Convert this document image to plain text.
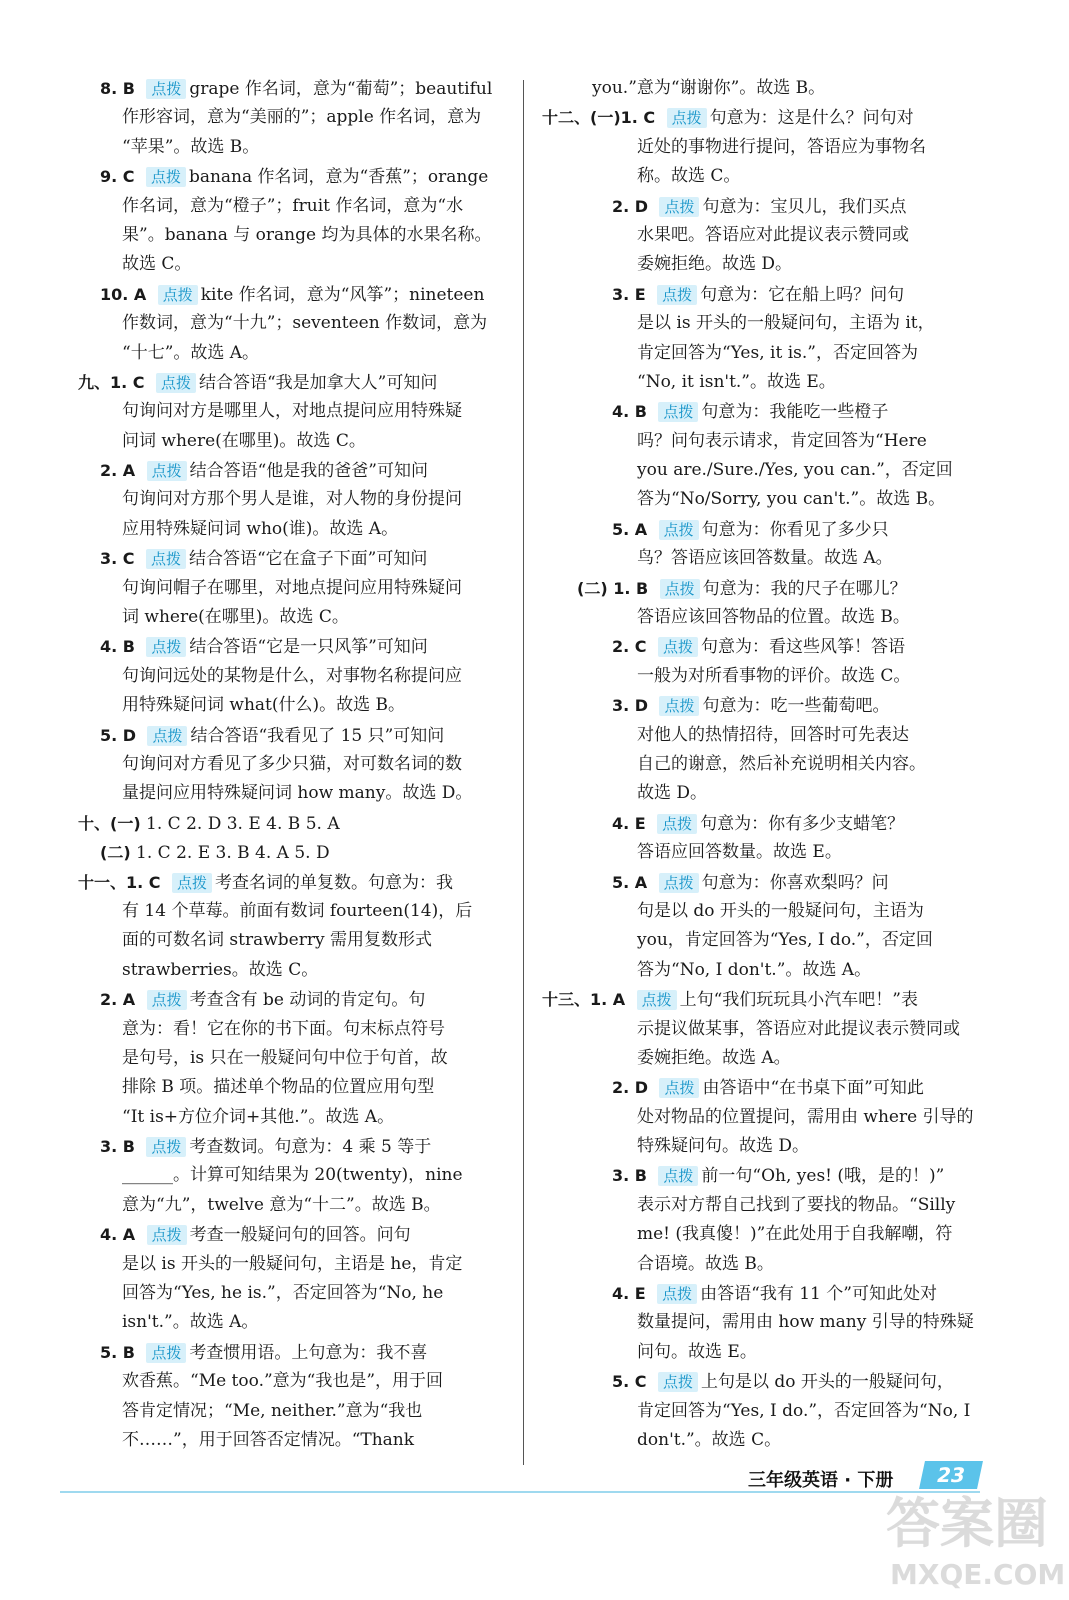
8. B 点拨 grape 作名词，意为“葡萄”；beautiful
作形容词，意为“美丽的”；apple 作名词，意为
“苹果”。故选 B。
9. C 点拨 banana 作名词，意为“香蕉”；orange
作名词，意为“橙子”；fruit 作名词，意为“水
果”。banana 与 orange 均为具体的水果名称。
故选 C。
10. A 点拨 kite 作名词，意为“风筝”；nineteen
作数词，意为“十九”；seventeen 作数词，意为
“十七”。故选 A。
九、1. C 点拨 结合答语“我是加拿大人”可知问
句询问对方是哪里人，对地点提问应用特殊疑
问词 where(在哪里)。故选 C。
2. A 点拨 结合答语“他是我的爸爸”可知问
句询问对方那个男人是谁，对人物的身份提问
应用特殊疑问词 who(谁)。故选 A。
3. C 点拨 结合答语“它在盒子下面”可知问
句询问帽子在哪里，对地点提问应用特殊疑问
词 where(在哪里)。故选 C。
4. B 点拨 结合答语“它是一只风筝”可知问
句询问远处的某物是什么，对事物名称提问应
用特殊疑问词 what(什么)。故选 B。
5. D 点拨 结合答语“我看见了 15 只”可知问
句询问对方看见了多少只猫，对可数名词的数
量提问应用特殊疑问词 how many。故选 D。
十、(一) 1. C 2. D 3. E 4. B 5. A
(二) 1. C 2. E 3. B 4. A 5. D
十一、1. C 点拨 考查名词的单复数。句意为：我
有 14 个草莓。前面有数词 fourteen(14)，后
面的可数名词 strawberry 需用复数形式
strawberries。故选 C。
2. A 点拨 考查含有 be 动词的肯定句。句
意为：看！它在你的书下面。句末标点符号
是句号，is 只在一般疑问句中位于句首，故
排除 B 项。描述单个物品的位置应用句型
“It is+方位介词+其他.”。故选 A。
3. B 点拨 考查数词。句意为：4 乘 5 等于
______。计算可知结果为 20(twenty)，nine
意为“九”，twelve 意为“十二”。故选 B。
4. A 点拨 考查一般疑问句的回答。问句
是以 is 开头的一般疑问句，主语是 he，肯定
回答为“Yes, he is.”，否定回答为“No, he
isn't.”。故选 A。
5. B 点拨 考查惯用语。上句意为：我不喜
欢香蕉。“Me too.”意为“我也是”，用于回
答肯定情况；“Me, neither.”意为“我也
不……”，用于回答否定情况。“Thank
you.”意为“谢谢你”。故选 B。
十二、(一)1. C 点拨 句意为：这是什么？问句对
近处的事物进行提问，答语应为事物名
称。故选 C。
2. D 点拨 句意为：宝贝儿，我们买点
水果吧。答语应对此提议表示赞同或
委婉拒绝。故选 D。
3. E 点拨 句意为：它在船上吗？问句
是以 is 开头的一般疑问句，主语为 it，
肯定回答为“Yes, it is.”，否定回答为
“No, it isn't.”。故选 E。
4. B 点拨 句意为：我能吃一些橙子
吗？问句表示请求，肯定回答为“Here
you are./Sure./Yes, you can.”，否定回
答为“No/Sorry, you can't.”。故选 B。
5. A 点拨 句意为：你看见了多少只
鸟？答语应该回答数量。故选 A。
(二) 1. B 点拨 句意为：我的尺子在哪儿？
答语应该回答物品的位置。故选 B。
2. C 点拨 句意为：看这些风筝！答语
一般为对所看事物的评价。故选 C。
3. D 点拨 句意为：吃一些葡萄吧。
对他人的热情招待，回答时可先表达
自己的谢意，然后补充说明相关内容。
故选 D。
4. E 点拨 句意为：你有多少支蜡笔？
答语应回答数量。故选 E。
5. A 点拨 句意为：你喜欢梨吗？问
句是以 do 开头的一般疑问句，主语为
you，肯定回答为“Yes, I do.”，否定回
答为“No, I don't.”。故选 A。
十三、1. A 点拨 上句“我们玩玩具小汽车吧！”表
示提议做某事，答语应对此提议表示赞同或
委婉拒绝。故选 A。
2. D 点拨 由答语中“在书桌下面”可知此
处对物品的位置提问，需用由 where 引导的
特殊疑问句。故选 D。
3. B 点拨 前一句“Oh, yes! (哦，是的！)”
表示对方帮自己找到了要找的物品。“Silly
me! (我真傻！)”在此处用于自我解嘲，符
合语境。故选 B。
4. E 点拨 由答语“我有 11 个”可知此处对
数量提问，需用由 how many 引导的特殊疑
问句。故选 E。
5. C 点拨 上句是以 do 开头的一般疑问句，
肯定回答为“Yes, I do.”，否定回答为“No, I
don't.”。故选 C。
三年级英语 · 下册	23
答案圈
MXQE.COM
